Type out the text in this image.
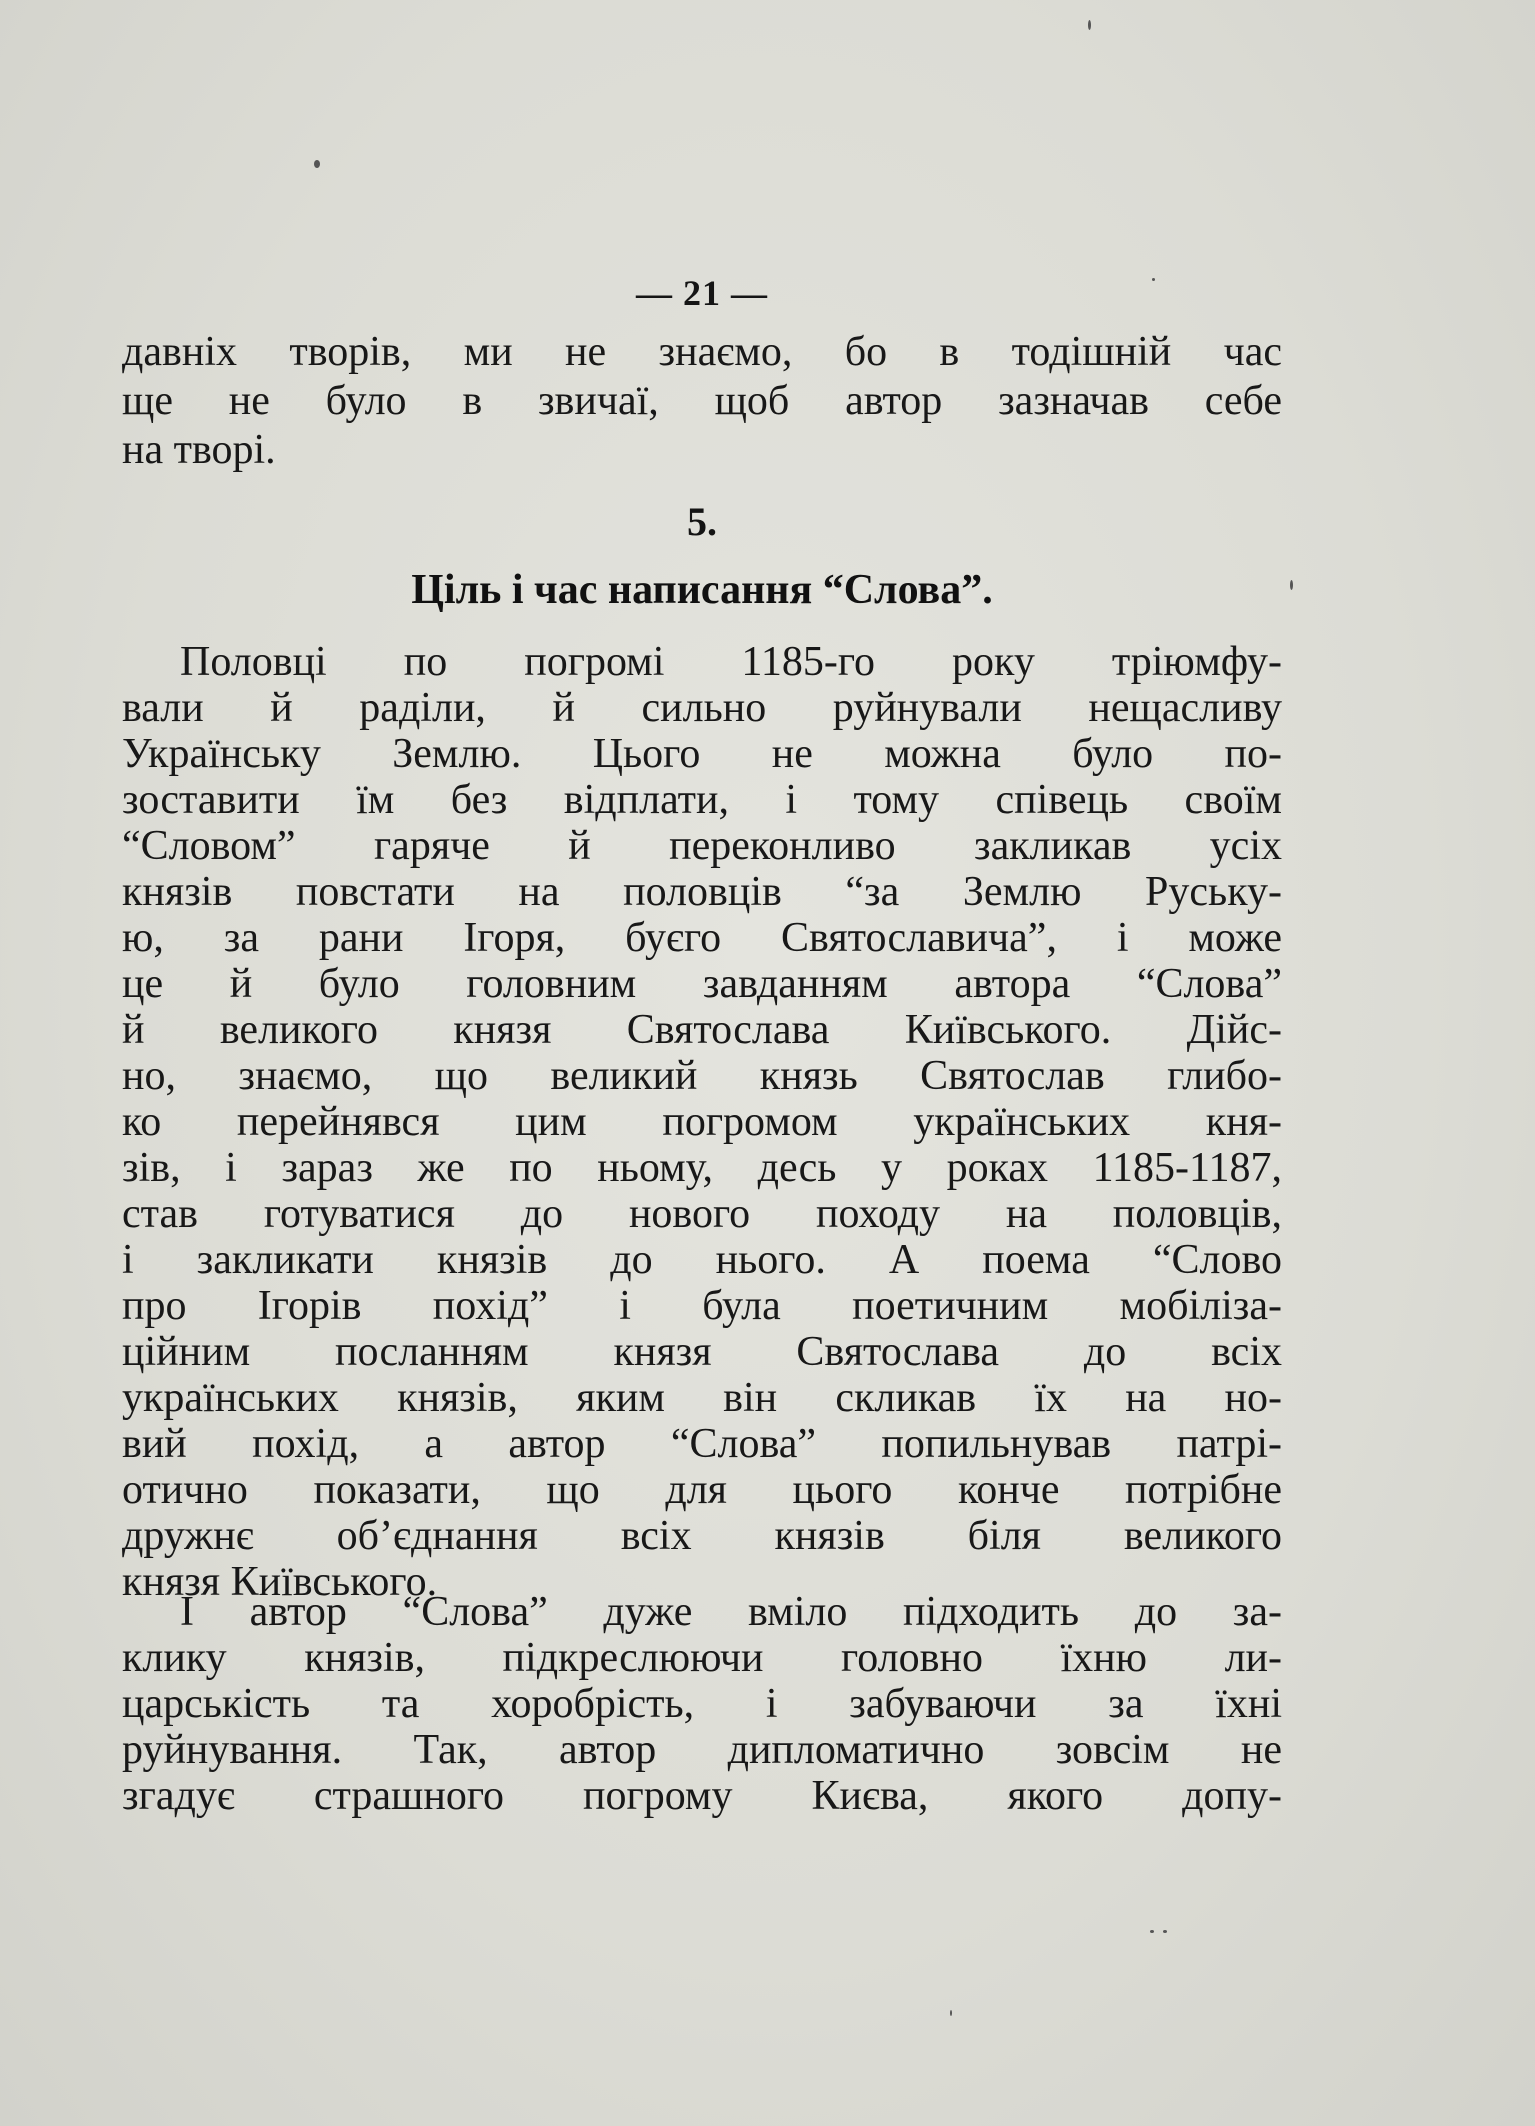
— 21 —
давніх творів, ми не знаємо, бо в тодішній час
ще не було в звичаї, щоб автор зазначав себе
на творі.
5.
Ціль і час написання “Слова”.
Половці по погромі 1185-го року тріюмфу-
вали й раділи, й сильно руйнували нещасливу
Українську Землю. Цього не можна було по-
зоставити їм без відплати, і тому співець своїм
“Словом” гаряче й переконливо закликав усіх
князів повстати на половців “за Землю Руську-
ю, за рани Ігоря, буєго Святославича”, і може
це й було головним завданням автора “Слова”
й великого князя Святослава Київського. Дійс-
но, знаємо, що великий князь Святослав глибо-
ко перейнявся цим погромом українських кня-
зів, і зараз же по ньому, десь у роках 1185-1187,
став готуватися до нового походу на половців,
і закликати князів до нього. А поема “Слово
про Ігорів похід” і була поетичним мобілiза-
ційним посланням князя Святослава до всіх
українських князів, яким він скликав їх на но-
вий похід, а автор “Слова” попильнував патрі-
отично показати, що для цього конче потрібне
дружнє об’єднання всіх князів біля великого
князя Київського.
І автор “Слова” дуже вміло підходить до за-
клику князів, підкреслюючи головно їхню ли-
царськість та хоробрість, і забуваючи за їхні
руйнування. Так, автор дипломатично зовсім не
згадує страшного погрому Києва, якого допу-
